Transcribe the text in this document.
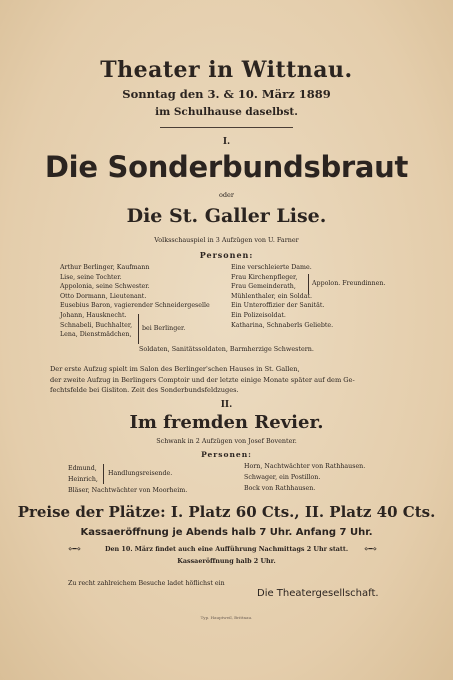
Theater in Wittnau.
Sonntag den 3. & 10. März 1889
im Schulhause daselbst.
I.
Die Sonderbundsbraut
oder
Die St. Galler Lise.
Volksschauspiel in 3 Aufzügen von U. Farner
Personen:
Arthur Berlinger, Kaufmann
Lise, seine Tochter.
Appolonia, seine Schwester.
Otto Dormann, Lieutenant.
Eusebius Baron, vagierender Schneidergeselle
Johann, Hausknecht.
Schnabeli, Buchhalter,
Lena, Dienstmädchen,
bei Berlinger.
Eine verschleierte Dame.
Frau Kirchenpfleger,
Frau Gemeinderath,
Mühlenthaler, ein Soldat.
Ein Unteroffizier der Sanität.
Ein Polizeisoldat.
Katharina, Schnaberls Geliebte.
Appolon. Freundinnen.
Soldaten, Sanitätssoldaten, Barmherzige Schwestern.
Der erste Aufzug spielt im Salon des Berlinger'schen Hauses in St. Gallen,
der zweite Aufzug in Berlingers Comptoir und der letzte einige Monate später auf dem Ge-
fechtsfelde bei Gisliton. Zeit des Sonderbundsfeldzuges.
II.
Im fremden Revier.
Schwank in 2 Aufzügen von Josef Boventer.
Personen:
Edmund,
Heinrich,
Bläser, Nachtwächter von Moorheim.
Handlungsreisende.
Horn, Nachtwächter von Rathhausen.
Schwager, ein Postillon.
Bock von Rathhausen.
Preise der Plätze: I. Platz 60 Cts., II. Platz 40 Cts.
Kassaeröffnung je Abends halb 7 Uhr. Anfang 7 Uhr.
⋄━⋄	Den 10. März findet auch eine Aufführung Nachmittags 2 Uhr statt.	⋄━⋄
Kassaeröffnung halb 2 Uhr.
Zu recht zahlreichem Besuche ladet höflichst ein
Die Theatergesellschaft.
Typ. Hauptweil, Brittnau.
